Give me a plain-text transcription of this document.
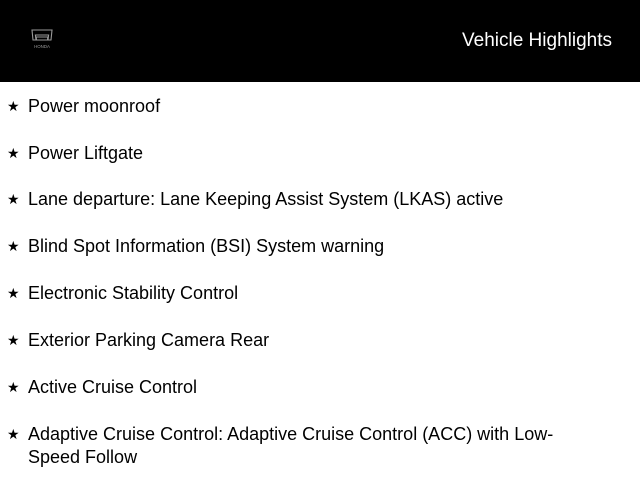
HONDA	Vehicle Highlights
★ Power moonroof
★ Power Liftgate
★ Lane departure: Lane Keeping Assist System (LKAS) active
★ Blind Spot Information (BSI) System warning
★ Electronic Stability Control
★ Exterior Parking Camera Rear
★ Active Cruise Control
★ Adaptive Cruise Control: Adaptive Cruise Control (ACC) with Low-Speed Follow
